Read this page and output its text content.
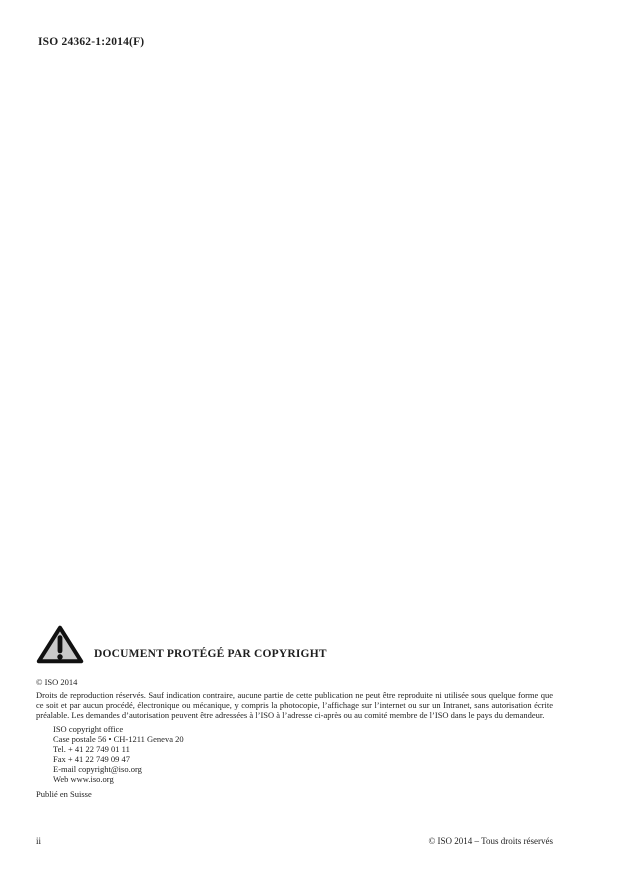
ISO 24362-1:2014(F)
DOCUMENT PROTÉGÉ PAR COPYRIGHT
© ISO 2014
Droits de reproduction réservés. Sauf indication contraire, aucune partie de cette publication ne peut être reproduite ni utilisée sous quelque forme que ce soit et par aucun procédé, électronique ou mécanique, y compris la photocopie, l’affichage sur l’internet ou sur un Intranet, sans autorisation écrite préalable. Les demandes d’autorisation peuvent être adressées à l’ISO à l’adresse ci-après ou au comité membre de l’ISO dans le pays du demandeur.
ISO copyright office
Case postale 56 • CH-1211 Geneva 20
Tel. + 41 22 749 01 11
Fax + 41 22 749 09 47
E-mail copyright@iso.org
Web www.iso.org
Publié en Suisse
ii	© ISO 2014 – Tous droits réservés
